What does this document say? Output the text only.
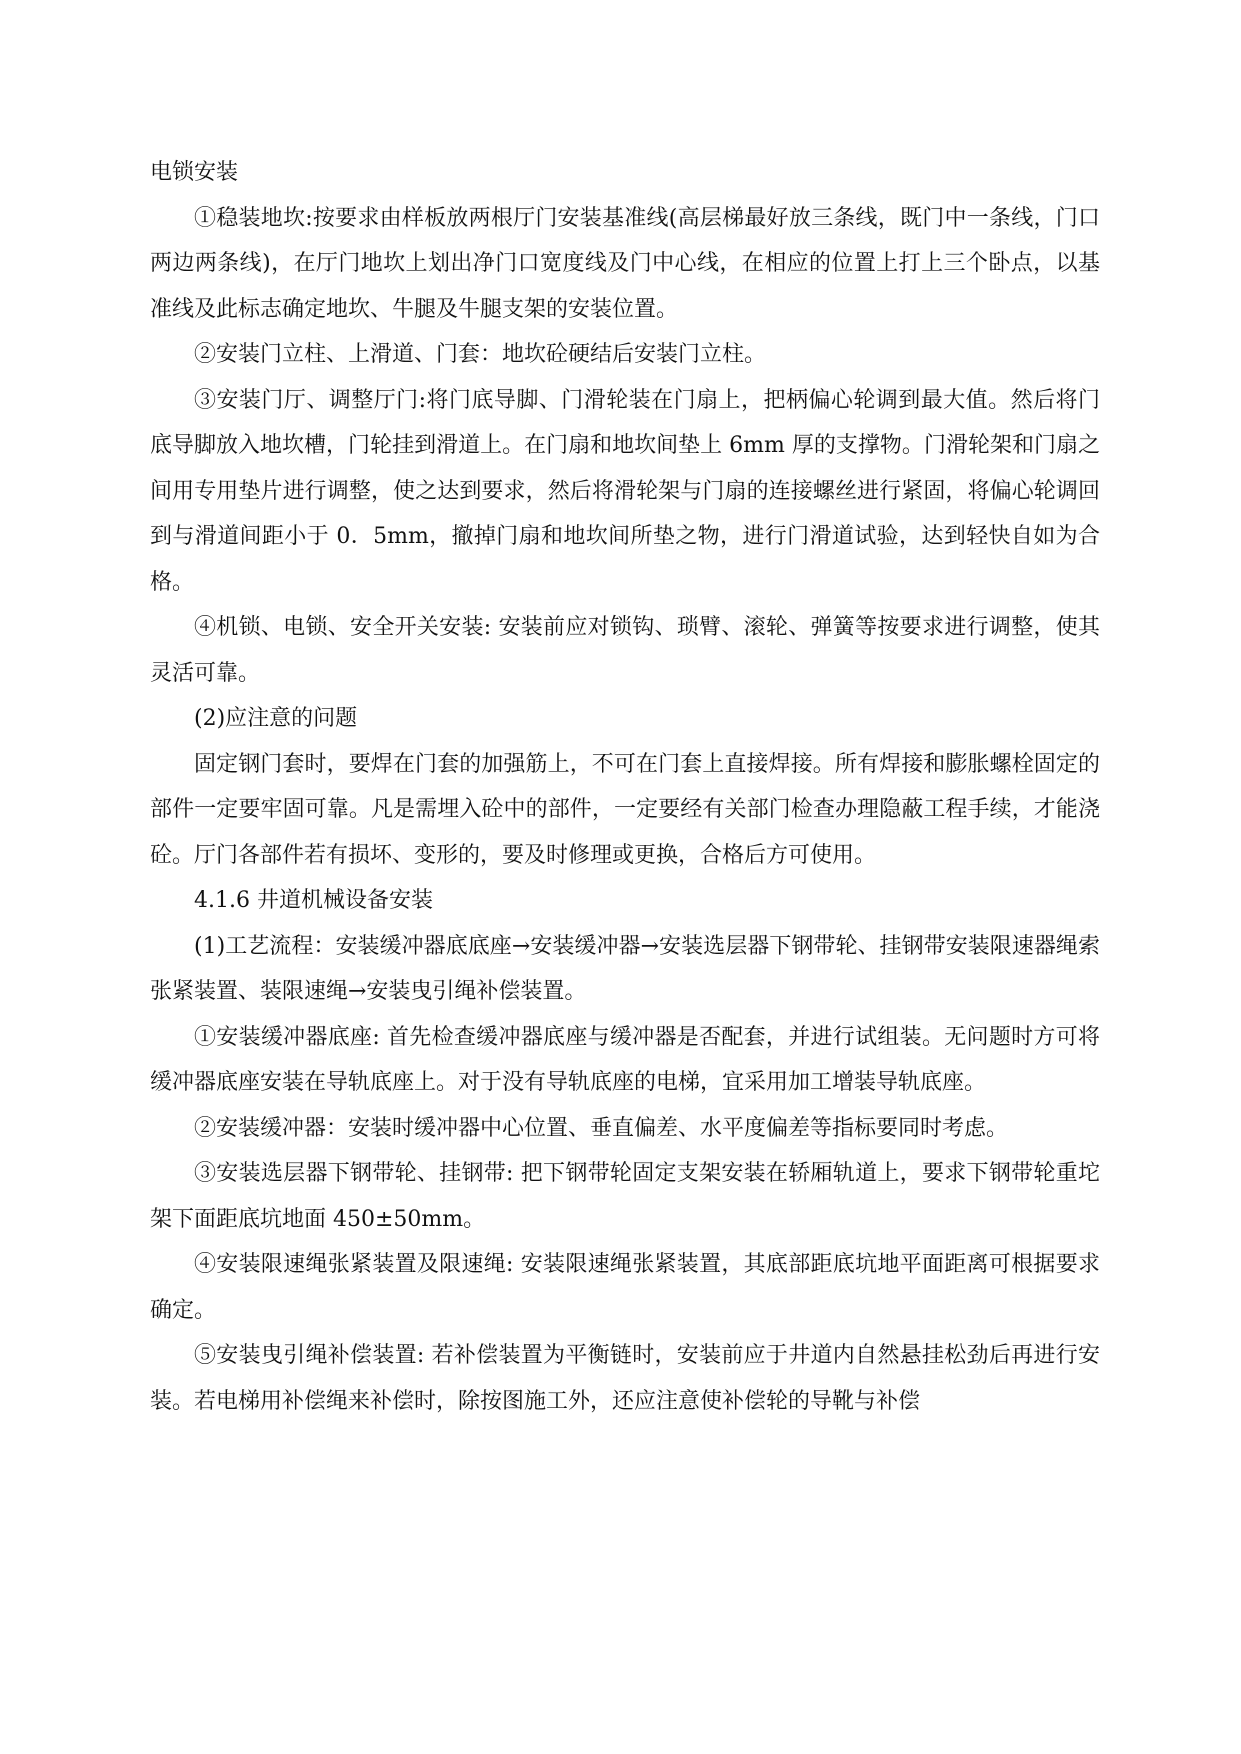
电锁安装

①稳装地坎:按要求由样板放两根厅门安装基准线(高层梯最好放三条线，既门中一条线，门口两边两条线)，在厅门地坎上划出净门口宽度线及门中心线，在相应的位置上打上三个卧点，以基准线及此标志确定地坎、牛腿及牛腿支架的安装位置。

②安装门立柱、上滑道、门套：地坎砼硬结后安装门立柱。

③安装门厅、调整厅门:将门底导脚、门滑轮装在门扇上，把柄偏心轮调到最大值。然后将门底导脚放入地坎槽，门轮挂到滑道上。在门扇和地坎间垫上 6mm 厚的支撑物。门滑轮架和门扇之间用专用垫片进行调整，使之达到要求，然后将滑轮架与门扇的连接螺丝进行紧固，将偏心轮调回到与滑道间距小于 0．5mm，撤掉门扇和地坎间所垫之物，进行门滑道试验，达到轻快自如为合格。

④机锁、电锁、安全开关安装: 安装前应对锁钩、琐臂、滚轮、弹簧等按要求进行调整，使其灵活可靠。

(2)应注意的问题

固定钢门套时，要焊在门套的加强筋上，不可在门套上直接焊接。所有焊接和膨胀螺栓固定的部件一定要牢固可靠。凡是需埋入砼中的部件，一定要经有关部门检查办理隐蔽工程手续，才能浇砼。厅门各部件若有损坏、变形的，要及时修理或更换，合格后方可使用。

4.1.6 井道机械设备安装

(1)工艺流程：安装缓冲器底底座→安装缓冲器→安装选层器下钢带轮、挂钢带安装限速器绳索张紧装置、装限速绳→安装曳引绳补偿装置。

①安装缓冲器底座: 首先检查缓冲器底座与缓冲器是否配套，并进行试组装。无问题时方可将缓冲器底座安装在导轨底座上。对于没有导轨底座的电梯，宜采用加工增装导轨底座。

②安装缓冲器：安装时缓冲器中心位置、垂直偏差、水平度偏差等指标要同时考虑。

③安装选层器下钢带轮、挂钢带: 把下钢带轮固定支架安装在轿厢轨道上，要求下钢带轮重坨架下面距底坑地面 450±50mm。

④安装限速绳张紧装置及限速绳: 安装限速绳张紧装置，其底部距底坑地平面距离可根据要求确定。

⑤安装曳引绳补偿装置: 若补偿装置为平衡链时，安装前应于井道内自然悬挂松劲后再进行安装。若电梯用补偿绳来补偿时，除按图施工外，还应注意使补偿轮的导靴与补偿
